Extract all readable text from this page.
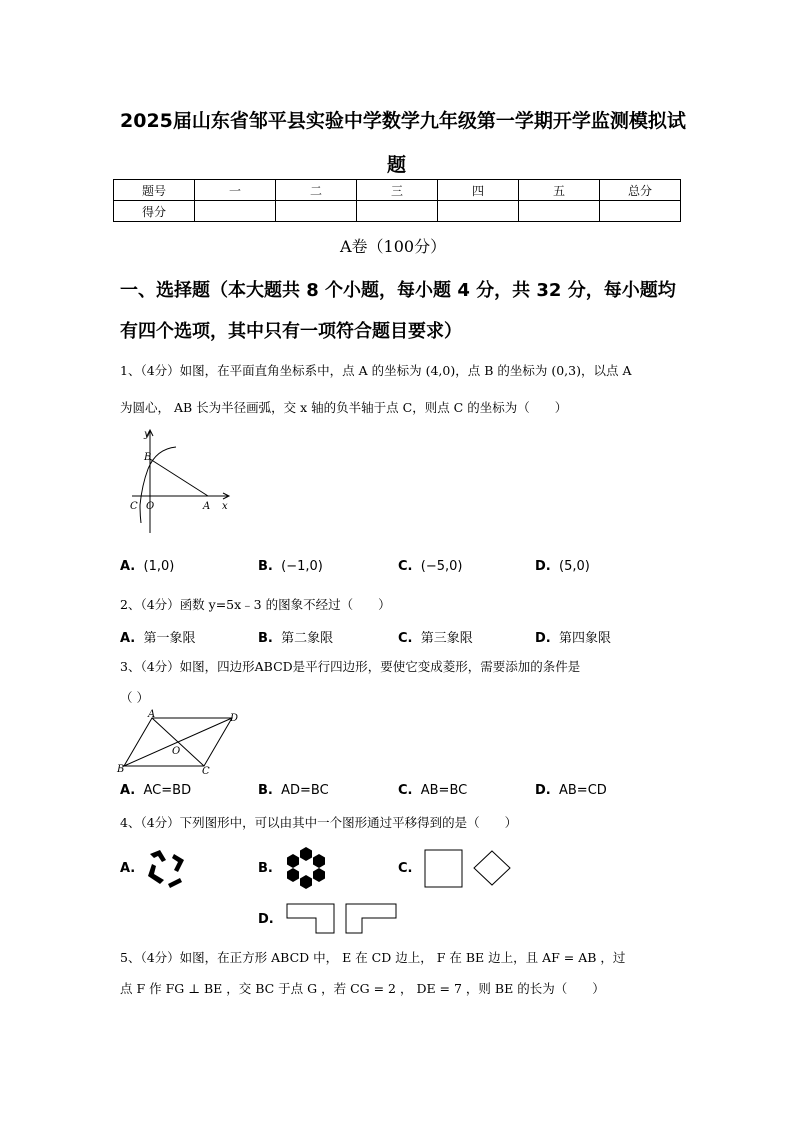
2025届山东省邹平县实验中学数学九年级第一学期开学监测模拟试
题
题号	一	二	三	四	五	总分
得分						
A卷（100分）
一、选择题（本大题共 8 个小题，每小题 4 分，共 32 分，每小题均
有四个选项，其中只有一项符合题目要求）
1、（4分）如图，在平面直角坐标系中，点 A 的坐标为 (4,0)，点 B 的坐标为 (0,3)，以点 A
为圆心， AB 长为半径画弧，交 x 轴的负半轴于点 C，则点 C 的坐标为（　　）
y
B
C O	A x
A. (1,0)	B. (−1,0)	C. (−5,0)	D. (5,0)
2、（4分）函数 y=5x﹣3 的图象不经过（　　）
A. 第一象限	B. 第二象限	C. 第三象限	D. 第四象限
3、（4分）如图，四边形ABCD是平行四边形，要使它变成菱形，需要添加的条件是
（ ）
A	D
O
B	C
A. AC=BD	B. AD=BC	C. AB=BC	D. AB=CD
4、（4分）下列图形中，可以由其中一个图形通过平移得到的是（　　）
A.	B.	C.
D.
5、（4分）如图，在正方形 ABCD 中， E 在 CD 边上， F 在 BE 边上，且 AF = AB ，过
点 F 作 FG ⊥ BE ，交 BC 于点 G ，若 CG = 2 ， DE = 7 ，则 BE 的长为（　　）
